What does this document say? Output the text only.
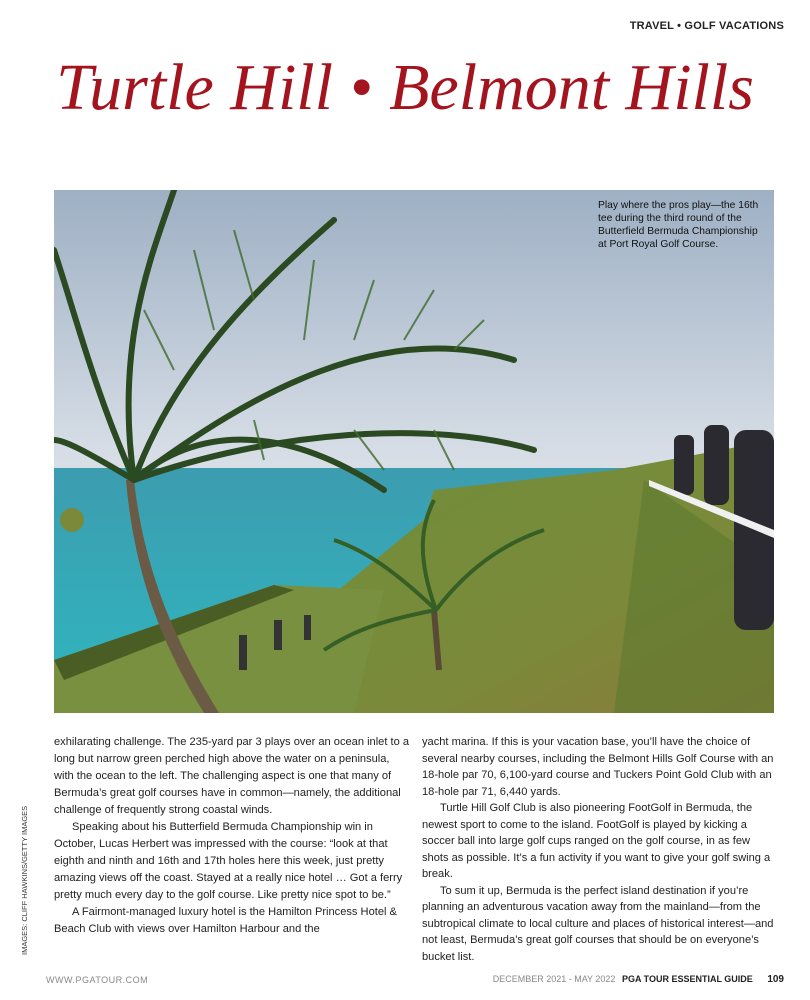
TRAVEL • GOLF VACATIONS
Turtle Hill • Belmont Hills
Play where the pros play—the 16th tee during the third round of the Butterfield Bermuda Championship at Port Royal Golf Course.
IMAGES: CLIFF HAWKINS/GETTY IMAGES

exhilarating challenge. The 235-yard par 3 plays over an ocean inlet to a long but narrow green perched high above the water on a peninsula, with the ocean to the left. The challenging aspect is one that many of Bermuda’s great golf courses have in common—namely, the additional challenge of frequently strong coastal winds.

Speaking about his Butterfield Bermuda Championship win in October, Lucas Herbert was impressed with the course: “look at that eighth and ninth and 16th and 17th holes here this week, just pretty amazing views off the coast. Stayed at a really nice hotel … Got a ferry pretty much every day to the golf course. Like pretty nice spot to be.”

A Fairmont-managed luxury hotel is the Hamilton Princess Hotel & Beach Club with views over Hamilton Harbour and the

yacht marina. If this is your vacation base, you’ll have the choice of several nearby courses, including the Belmont Hills Golf Course with an 18-hole par 70, 6,100-yard course and Tuckers Point Gold Club with an 18-hole par 71, 6,440 yards.

Turtle Hill Golf Club is also pioneering FootGolf in Bermuda, the newest sport to come to the island. FootGolf is played by kicking a soccer ball into large golf cups ranged on the golf course, in as few shots as possible. It’s a fun activity if you want to give your golf swing a break.

To sum it up, Bermuda is the perfect island destination if you’re planning an adventurous vacation away from the mainland—from the subtropical climate to local culture and places of historical interest—and not least, Bermuda’s great golf courses that should be on everyone’s bucket list.

WWW.PGATOUR.COM	DECEMBER 2021 - MAY 2022 PGA TOUR ESSENTIAL GUIDE 109
